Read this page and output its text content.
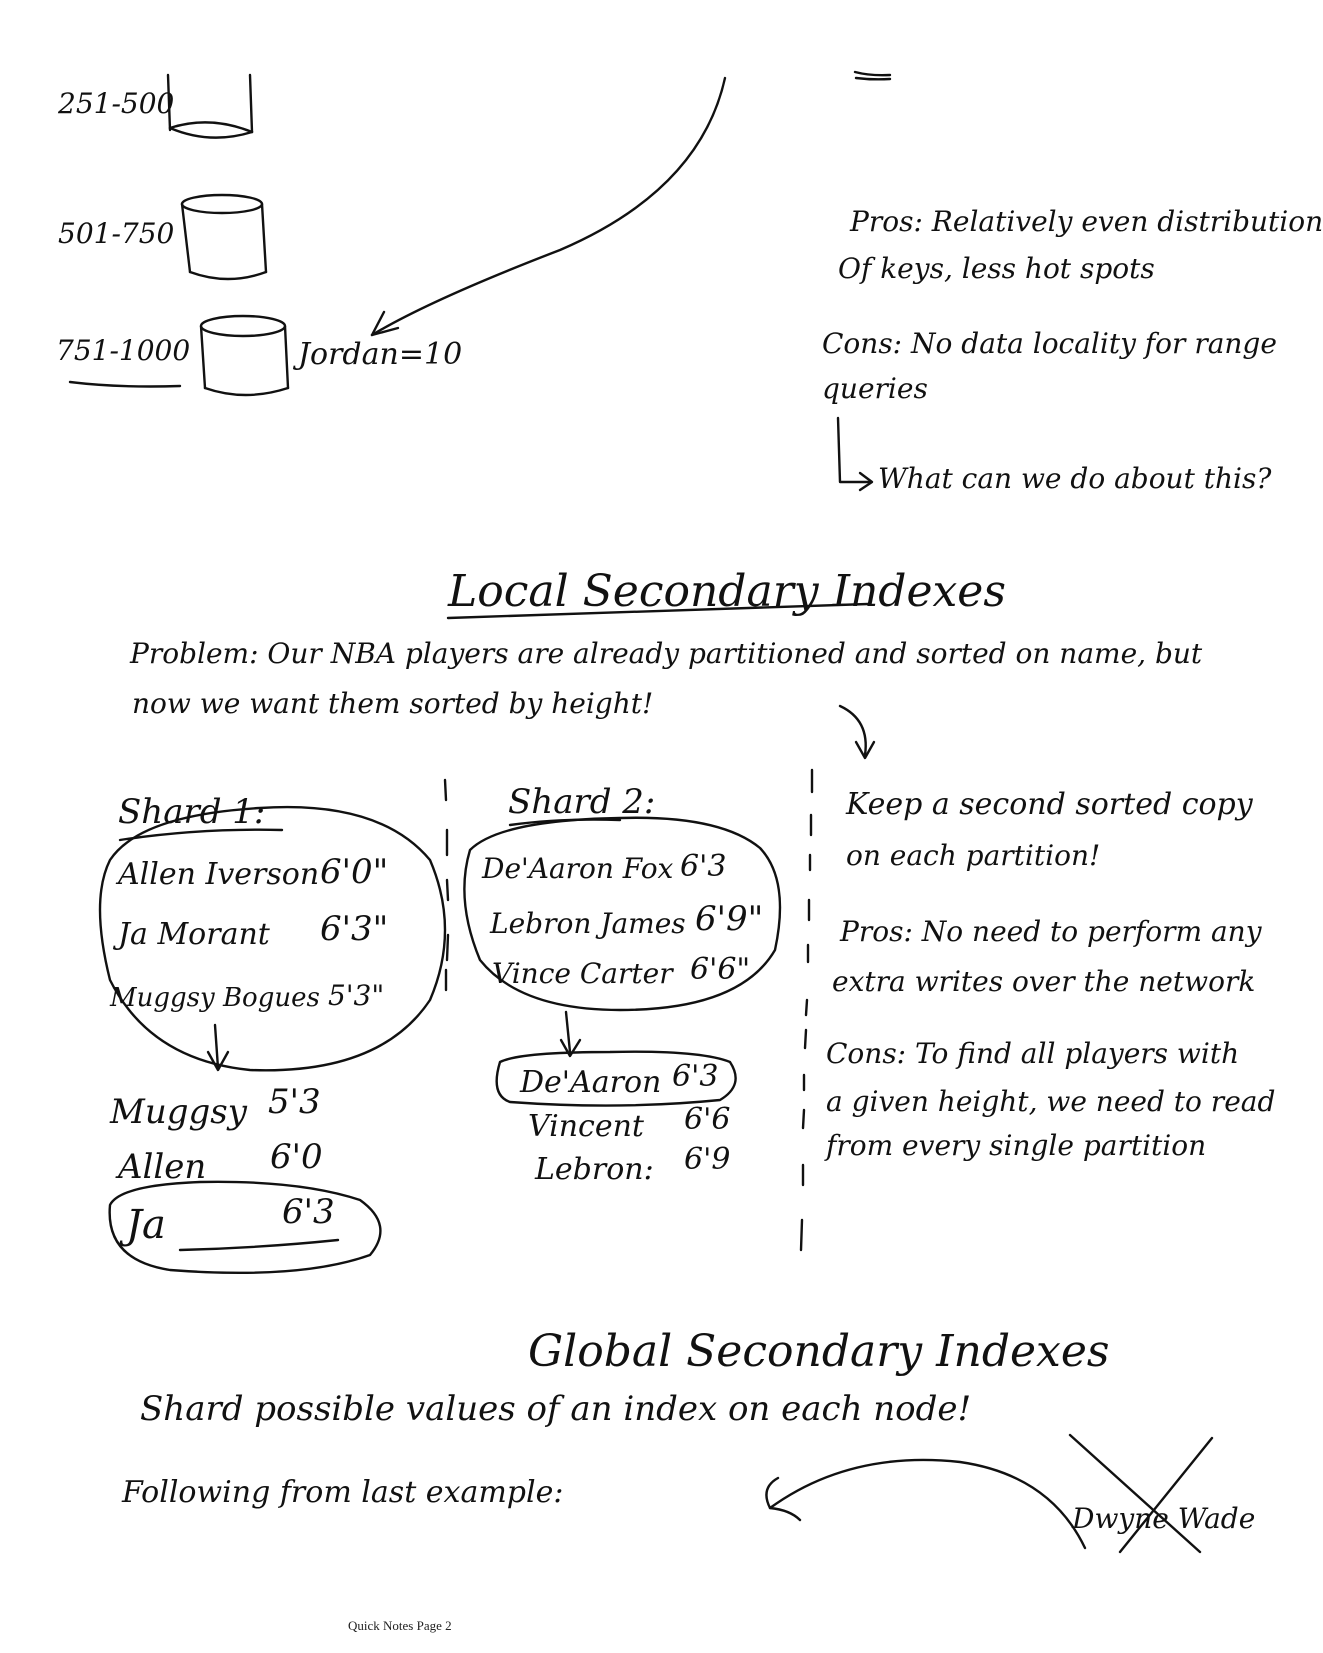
251-500
501-750
751-1000	Jordan=10
Pros: Relatively even distribution
Of keys, less hot spots
Cons: No data locality for range
queries
What can we do about this?
Local Secondary Indexes
Problem: Our NBA players are already partitioned and sorted on name, but
now we want them sorted by height!
Shard 1:
Allen Iverson 6'0"
Ja Morant 6'3"
Muggsy Bogues 5'3"
Muggsy 5'3
Allen 6'0
Ja	6'3
Shard 2:
De'Aaron Fox 6'3
Lebron James 6'9"
Vince Carter 6'6"
De'Aaron 6'3
Vincent 6'6
Lebron: 6'9
Keep a second sorted copy
on each partition!
Pros: No need to perform any
extra writes over the network
Cons: To find all players with
a given height, we need to read
from every single partition
Global Secondary Indexes
Shard possible values of an index on each node!
Following from last example:
Dwyne Wade
Quick Notes Page 2
